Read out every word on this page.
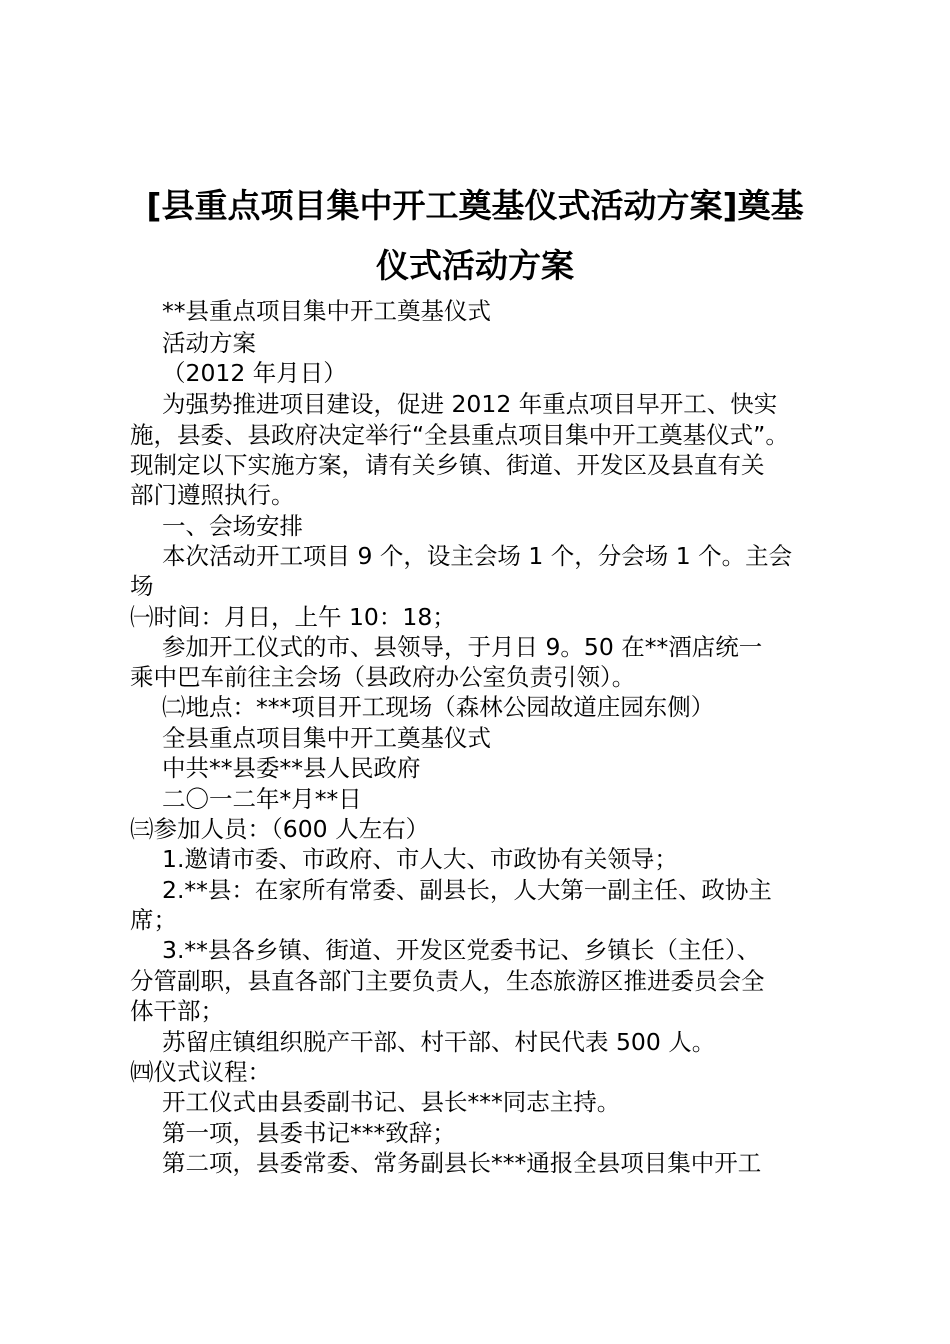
[县重点项目集中开工奠基仪式活动方案]奠基
仪式活动方案
**县重点项目集中开工奠基仪式
活动方案
（2012 年月日）
为强势推进项目建设，促进 2012 年重点项目早开工、快实
施，县委、县政府决定举行“全县重点项目集中开工奠基仪式”。
现制定以下实施方案，请有关乡镇、街道、开发区及县直有关
部门遵照执行。
一、会场安排
本次活动开工项目 9 个，设主会场 1 个，分会场 1 个。主会
场
㈠时间：月日，上午 10：18；
参加开工仪式的市、县领导，于月日 9。50 在**酒店统一
乘中巴车前往主会场（县政府办公室负责引领）。
㈡地点：***项目开工现场（森林公园故道庄园东侧）
全县重点项目集中开工奠基仪式
中共**县委**县人民政府
二〇一二年*月**日
㈢参加人员：（600 人左右）
1.邀请市委、市政府、市人大、市政协有关领导；
2.**县：在家所有常委、副县长，人大第一副主任、政协主
席；
3.**县各乡镇、街道、开发区党委书记、乡镇长（主任）、
分管副职，县直各部门主要负责人，生态旅游区推进委员会全
体干部；
苏留庄镇组织脱产干部、村干部、村民代表 500 人。
㈣仪式议程：
开工仪式由县委副书记、县长***同志主持。
第一项，县委书记***致辞；
第二项，县委常委、常务副县长***通报全县项目集中开工
